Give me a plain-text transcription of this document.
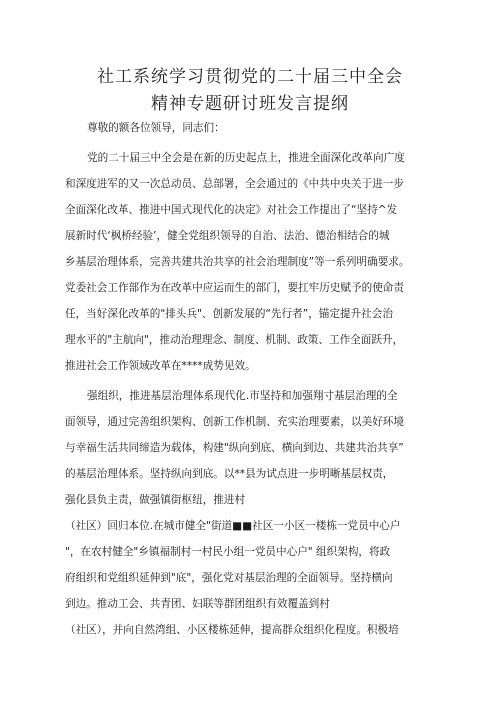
社工系统学习贯彻党的二十届三中全会
精神专题研讨班发言提纲

尊敬的额各位领导，同志们：

党的二十届三中全会是在新的历史起点上，推进全面深化改革向广度

和深度进军的又一次总动员、总部署，全会通过的《中共中央关于进一步

全面深化改革、推进中国式现代化的决定》对社会工作提出了“坚持^发

展新时代‘枫桥经验’，健全党组织领导的自治、法治、德治相结合的城

乡基层治理体系，完善共建共治共享的社会治理制度”等一系列明确要求。

党委社会工作部作为在改革中应运而生的部门，要扛牢历史赋予的使命责

任，当好深化改革的"排头兵"、创新发展的“先行者”，锚定提升社会治

理水平的"主航向"，推动治理理念、制度、机制、政策、工作全面跃升，

推进社会工作领域改革在****成势见效。

强组织，推进基层治理体系现代化.市坚持和加强翔寸基层治理的全

面领导，通过完善组织架构、创新工作机制、充实治理要素，以美好环境

与幸福生活共同缔造为载体，构建"纵向到底、横向到边、共建共治共享”

的基层治理体系。坚持纵向到底。以**县为试点进一步明晰基层权责，

强化县负主责，做强镇街枢纽，推进村

（社区）回归本位.在城市健全"街道■■社区一小区一楼栋一党员中心户

"，在农村健全"乡镇福制村一村民小组一党员中心户" 组织架构，将政

府组织和党组织延伸到"底"，强化党对基层治理的全面领导。坚持横向

到边。推动工会、共青团、妇联等群团组织有效覆盖到村

（社区），并向自然湾组、小区楼栋延伸，提高群众组织化程度。积极培
